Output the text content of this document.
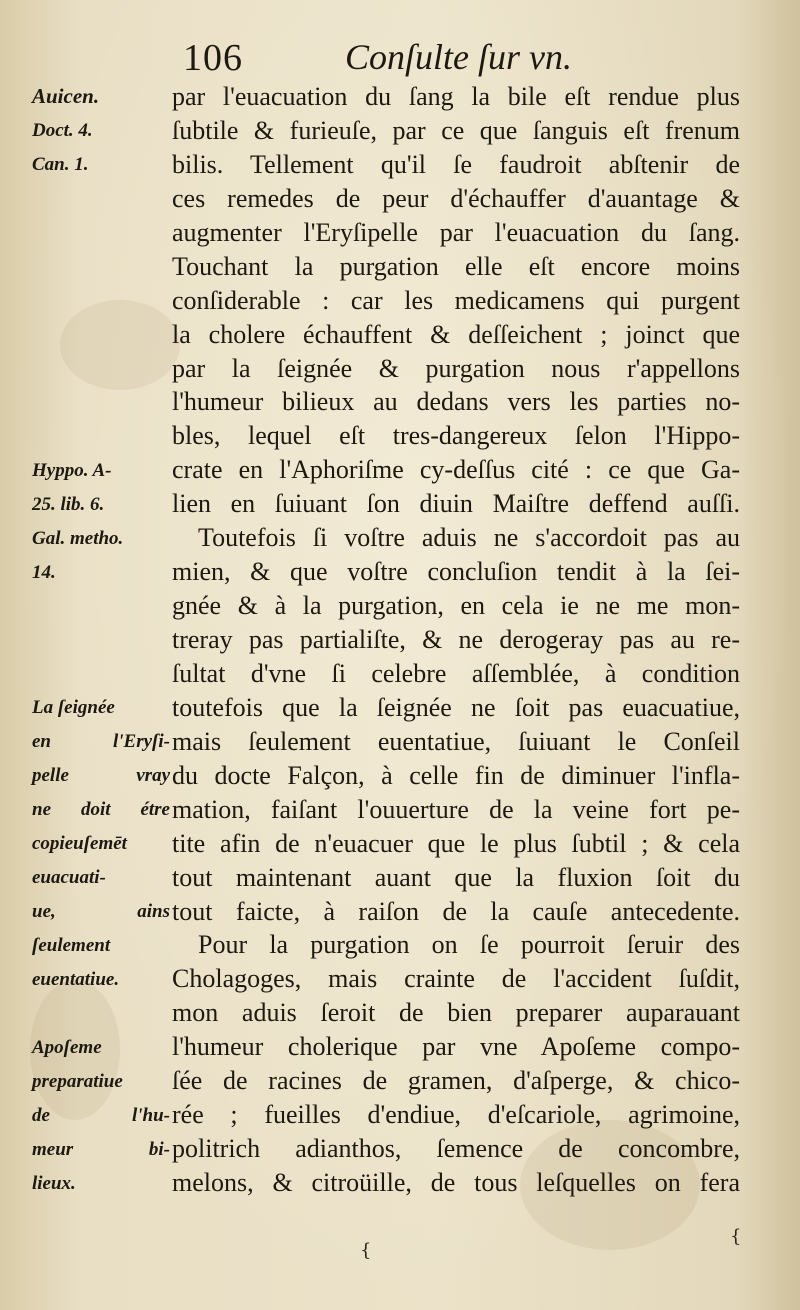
106	Conſulte ſur vn.
Auicen.
Doct. 4.
Can. 1.
Hyppo. A-
25. lib. 6.
Gal. metho.
14.
La ſeignée
en l'Eryſi-
pelle vray
ne doit étre
copieuſemēt
euacuati-
ue, ains
ſeulement
euentatiue.
Apoſeme
preparatiue
de l'hu-
meur bi-
lieux.
par l'euacuation du ſang la bile eſt rendue plus
ſubtile & furieuſe, par ce que ſanguis eſt frenum
bilis. Tellement qu'il ſe faudroit abſtenir de
ces remedes de peur d'échauffer d'auantage &
augmenter l'Eryſipelle par l'euacuation du ſang.
Touchant la purgation elle eſt encore moins
conſiderable : car les medicamens qui purgent
la cholere échauffent & deſſeichent ; joinct que
par la ſeignée & purgation nous r'appellons
l'humeur bilieux au dedans vers les parties no-
bles, lequel eſt tres-dangereux ſelon l'Hippo-
crate en l'Aphoriſme cy-deſſus cité : ce que Ga-
lien en ſuiuant ſon diuin Maiſtre deffend auſſi.
Toutefois ſi voſtre aduis ne s'accordoit pas au
mien, & que voſtre concluſion tendit à la ſei-
gnée & à la purgation, en cela ie ne me mon-
treray pas partialiſte, & ne derogeray pas au re-
ſultat d'vne ſi celebre aſſemblée, à condition
toutefois que la ſeignée ne ſoit pas euacuatiue,
mais ſeulement euentatiue, ſuiuant le Conſeil
du docte Falçon, à celle fin de diminuer l'infla-
mation, faiſant l'ouuerture de la veine fort pe-
tite afin de n'euacuer que le plus ſubtil ; & cela
tout maintenant auant que la fluxion ſoit du
tout faicte, à raiſon de la cauſe antecedente.
Pour la purgation on ſe pourroit ſeruir des
Cholagoges, mais crainte de l'accident ſuſdit,
mon aduis ſeroit de bien preparer auparauant
l'humeur cholerique par vne Apoſeme compo-
ſée de racines de gramen, d'aſperge, & chico-
rée ; fueilles d'endiue, d'eſcariole, agrimoine,
politrich adianthos, ſemence de concombre,
melons, & citroüille, de tous leſquelles on fera
{
{
